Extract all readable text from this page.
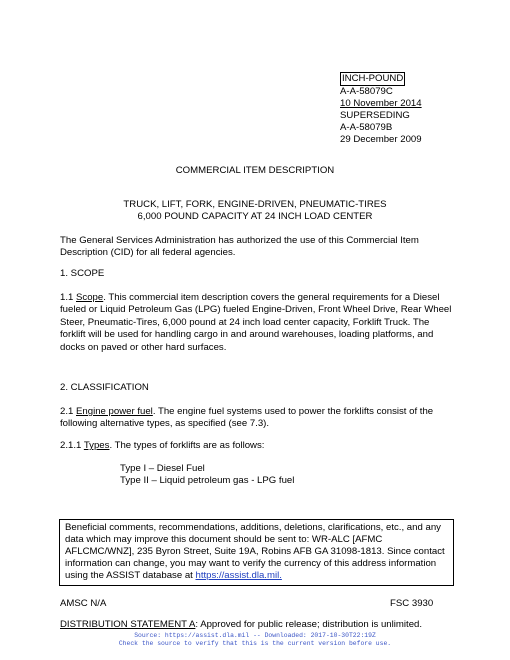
INCH-POUND
A-A-58079C
10 November 2014
SUPERSEDING
A-A-58079B
29 December 2009
COMMERCIAL ITEM DESCRIPTION
TRUCK, LIFT, FORK, ENGINE-DRIVEN, PNEUMATIC-TIRES
6,000 POUND CAPACITY AT 24 INCH LOAD CENTER
The General Services Administration has authorized the use of this Commercial Item Description (CID) for all federal agencies.
1. SCOPE
1.1 Scope. This commercial item description covers the general requirements for a Diesel fueled or Liquid Petroleum Gas (LPG) fueled Engine-Driven, Front Wheel Drive, Rear Wheel Steer, Pneumatic-Tires, 6,000 pound at 24 inch load center capacity, Forklift Truck. The forklift will be used for handling cargo in and around warehouses, loading platforms, and docks on paved or other hard surfaces.
2. CLASSIFICATION
2.1 Engine power fuel. The engine fuel systems used to power the forklifts consist of the following alternative types, as specified (see 7.3).
2.1.1 Types. The types of forklifts are as follows:
Type I – Diesel Fuel
Type II – Liquid petroleum gas - LPG fuel
Beneficial comments, recommendations, additions, deletions, clarifications, etc., and any data which may improve this document should be sent to: WR-ALC [AFMC AFLCMC/WNZ], 235 Byron Street, Suite 19A, Robins AFB GA 31098-1813. Since contact information can change, you may want to verify the currency of this address information using the ASSIST database at https://assist.dla.mil.
AMSC N/A	FSC 3930
DISTRIBUTION STATEMENT A: Approved for public release; distribution is unlimited.
Source: https://assist.dla.mil -- Downloaded: 2017-10-30T22:19Z
Check the source to verify that this is the current version before use.
